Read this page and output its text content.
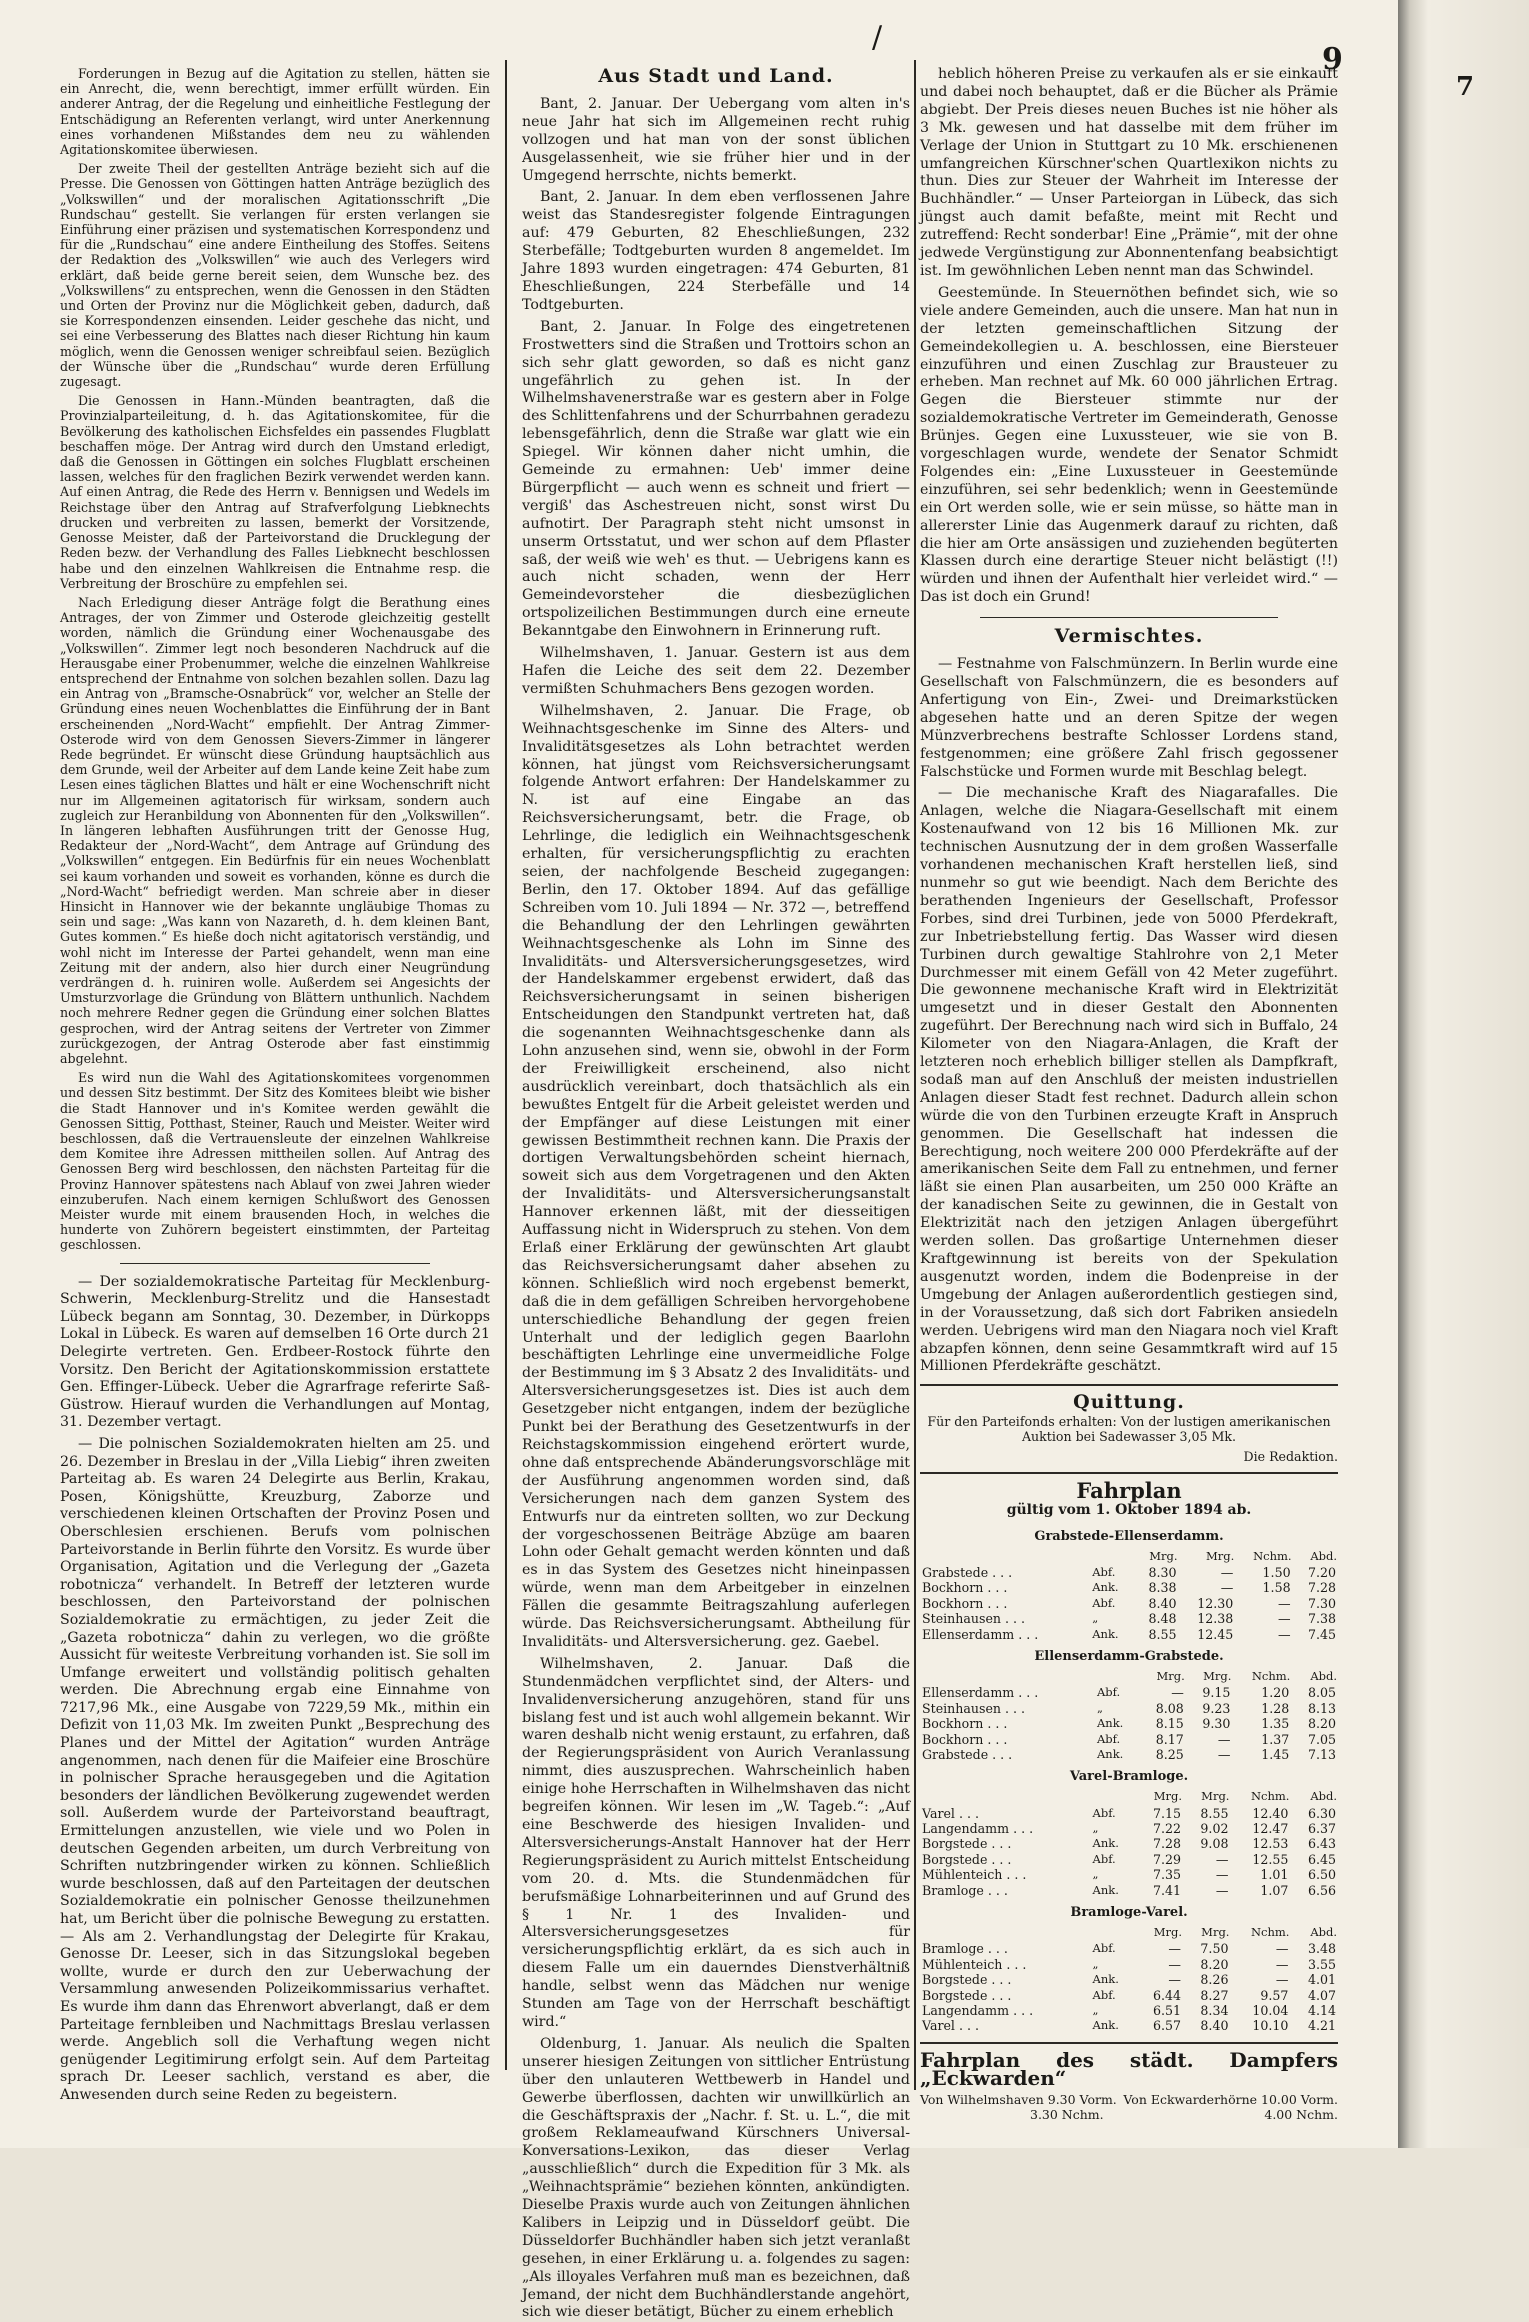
/
9
7

Forderungen in Bezug auf die Agitation zu stellen, hätten sie ein Anrecht, die, wenn berechtigt, immer erfüllt würden. Ein anderer Antrag, der die Regelung und einheitliche Festlegung der Entschädigung an Referenten verlangt, wird unter Anerkennung eines vorhandenen Mißstandes dem neu zu wählenden Agitationskomitee überwiesen.

Der zweite Theil der gestellten Anträge bezieht sich auf die Presse. Die Genossen von Göttingen hatten Anträge bezüglich des „Volkswillen“ und der moralischen Agitationsschrift „Die Rundschau“ gestellt. Sie verlangen für ersten verlangen sie Einführung einer präzisen und systematischen Korrespondenz und für die „Rundschau“ eine andere Eintheilung des Stoffes. Seitens der Redaktion des „Volkswillen“ wie auch des Verlegers wird erklärt, daß beide gerne bereit seien, dem Wunsche bez. des „Volkswillens“ zu entsprechen, wenn die Genossen in den Städten und Orten der Provinz nur die Möglichkeit geben, dadurch, daß sie Korrespondenzen einsenden. Leider geschehe das nicht, und sei eine Verbesserung des Blattes nach dieser Richtung hin kaum möglich, wenn die Genossen weniger schreibfaul seien. Bezüglich der Wünsche über die „Rundschau“ wurde deren Erfüllung zugesagt.

Die Genossen in Hann.-Münden beantragten, daß die Provinzialparteileitung, d. h. das Agitationskomitee, für die Bevölkerung des katholischen Eichsfeldes ein passendes Flugblatt beschaffen möge. Der Antrag wird durch den Umstand erledigt, daß die Genossen in Göttingen ein solches Flugblatt erscheinen lassen, welches für den fraglichen Bezirk verwendet werden kann. Auf einen Antrag, die Rede des Herrn v. Bennigsen und Wedels im Reichstage über den Antrag auf Strafverfolgung Liebknechts drucken und verbreiten zu lassen, bemerkt der Vorsitzende, Genosse Meister, daß der Parteivorstand die Drucklegung der Reden bezw. der Verhandlung des Falles Liebknecht beschlossen habe und den einzelnen Wahlkreisen die Entnahme resp. die Verbreitung der Broschüre zu empfehlen sei.

Nach Erledigung dieser Anträge folgt die Berathung eines Antrages, der von Zimmer und Osterode gleichzeitig gestellt worden, nämlich die Gründung einer Wochenausgabe des „Volkswillen“. Zimmer legt noch besonderen Nachdruck auf die Herausgabe einer Probenummer, welche die einzelnen Wahlkreise entsprechend der Entnahme von solchen bezahlen sollen. Dazu lag ein Antrag von „Bramsche-Osnabrück“ vor, welcher an Stelle der Gründung eines neuen Wochenblattes die Einführung der in Bant erscheinenden „Nord-Wacht“ empfiehlt. Der Antrag Zimmer-Osterode wird von dem Genossen Sievers-Zimmer in längerer Rede begründet. Er wünscht diese Gründung hauptsächlich aus dem Grunde, weil der Arbeiter auf dem Lande keine Zeit habe zum Lesen eines täglichen Blattes und hält er eine Wochenschrift nicht nur im Allgemeinen agitatorisch für wirksam, sondern auch zugleich zur Heranbildung von Abonnenten für den „Volkswillen“. In längeren lebhaften Ausführungen tritt der Genosse Hug, Redakteur der „Nord-Wacht“, dem Antrage auf Gründung des „Volkswillen“ entgegen. Ein Bedürfnis für ein neues Wochenblatt sei kaum vorhanden und soweit es vorhanden, könne es durch die „Nord-Wacht“ befriedigt werden. Man schreie aber in dieser Hinsicht in Hannover wie der bekannte ungläubige Thomas zu sein und sage: „Was kann von Nazareth, d. h. dem kleinen Bant, Gutes kommen.“ Es hieße doch nicht agitatorisch verständig, und wohl nicht im Interesse der Partei gehandelt, wenn man eine Zeitung mit der andern, also hier durch einer Neugründung verdrängen d. h. ruiniren wolle. Außerdem sei Angesichts der Umsturzvorlage die Gründung von Blättern unthunlich. Nachdem noch mehrere Redner gegen die Gründung einer solchen Blattes gesprochen, wird der Antrag seitens der Vertreter von Zimmer zurückgezogen, der Antrag Osterode aber fast einstimmig abgelehnt.

Es wird nun die Wahl des Agitationskomitees vorgenommen und dessen Sitz bestimmt. Der Sitz des Komitees bleibt wie bisher die Stadt Hannover und in's Komitee werden gewählt die Genossen Sittig, Potthast, Steiner, Rauch und Meister. Weiter wird beschlossen, daß die Vertrauensleute der einzelnen Wahlkreise dem Komitee ihre Adressen mittheilen sollen. Auf Antrag des Genossen Berg wird beschlossen, den nächsten Parteitag für die Provinz Hannover spätestens nach Ablauf von zwei Jahren wieder einzuberufen. Nach einem kernigen Schlußwort des Genossen Meister wurde mit einem brausenden Hoch, in welches die hunderte von Zuhörern begeistert einstimmten, der Parteitag geschlossen.

— Der sozialdemokratische Parteitag für Mecklenburg-Schwerin, Mecklenburg-Strelitz und die Hansestadt Lübeck begann am Sonntag, 30. Dezember, in Dürkopps Lokal in Lübeck. Es waren auf demselben 16 Orte durch 21 Delegirte vertreten. Gen. Erdbeer-Rostock führte den Vorsitz. Den Bericht der Agitationskommission erstattete Gen. Effinger-Lübeck. Ueber die Agrarfrage referirte Saß-Güstrow. Hierauf wurden die Verhandlungen auf Montag, 31. Dezember vertagt.

— Die polnischen Sozialdemokraten hielten am 25. und 26. Dezember in Breslau in der „Villa Liebig“ ihren zweiten Parteitag ab. Es waren 24 Delegirte aus Berlin, Krakau, Posen, Königshütte, Kreuzburg, Zaborze und verschiedenen kleinen Ortschaften der Provinz Posen und Oberschlesien erschienen. Berufs vom polnischen Parteivorstande in Berlin führte den Vorsitz. Es wurde über Organisation, Agitation und die Verlegung der „Gazeta robotnicza“ verhandelt. In Betreff der letzteren wurde beschlossen, den Parteivorstand der polnischen Sozialdemokratie zu ermächtigen, zu jeder Zeit die „Gazeta robotnicza“ dahin zu verlegen, wo die größte Aussicht für weiteste Verbreitung vorhanden ist. Sie soll im Umfange erweitert und vollständig politisch gehalten werden. Die Abrechnung ergab eine Einnahme von 7217,96 Mk., eine Ausgabe von 7229,59 Mk., mithin ein Defizit von 11,03 Mk. Im zweiten Punkt „Besprechung des Planes und der Mittel der Agitation“ wurden Anträge angenommen, nach denen für die Maifeier eine Broschüre in polnischer Sprache herausgegeben und die Agitation besonders der ländlichen Bevölkerung zugewendet werden soll. Außerdem wurde der Parteivorstand beauftragt, Ermittelungen anzustellen, wie viele und wo Polen in deutschen Gegenden arbeiten, um durch Verbreitung von Schriften nutzbringender wirken zu können. Schließlich wurde beschlossen, daß auf den Parteitagen der deutschen Sozialdemokratie ein polnischer Genosse theilzunehmen hat, um Bericht über die polnische Bewegung zu erstatten. — Als am 2. Verhandlungstag der Delegirte für Krakau, Genosse Dr. Leeser, sich in das Sitzungslokal begeben wollte, wurde er durch den zur Ueberwachung der Versammlung anwesenden Polizeikommissarius verhaftet. Es wurde ihm dann das Ehrenwort abverlangt, daß er dem Parteitage fernbleiben und Nachmittags Breslau verlassen werde. Angeblich soll die Verhaftung wegen nicht genügender Legitimirung erfolgt sein. Auf dem Parteitag sprach Dr. Leeser sachlich, verstand es aber, die Anwesenden durch seine Reden zu begeistern.

Aus Stadt und Land.

Bant, 2. Januar. Der Uebergang vom alten in's neue Jahr hat sich im Allgemeinen recht ruhig vollzogen und hat man von der sonst üblichen Ausgelassenheit, wie sie früher hier und in der Umgegend herrschte, nichts bemerkt.

Bant, 2. Januar. In dem eben verflossenen Jahre weist das Standesregister folgende Eintragungen auf: 479 Geburten, 82 Eheschließungen, 232 Sterbefälle; Todtgeburten wurden 8 angemeldet. Im Jahre 1893 wurden eingetragen: 474 Geburten, 81 Eheschließungen, 224 Sterbefälle und 14 Todtgeburten.

Bant, 2. Januar. In Folge des eingetretenen Frostwetters sind die Straßen und Trottoirs schon an sich sehr glatt geworden, so daß es nicht ganz ungefährlich zu gehen ist. In der Wilhelmshavenerstraße war es gestern aber in Folge des Schlittenfahrens und der Schurrbahnen geradezu lebensgefährlich, denn die Straße war glatt wie ein Spiegel. Wir können daher nicht umhin, die Gemeinde zu ermahnen: Ueb' immer deine Bürgerpflicht — auch wenn es schneit und friert — vergiß' das Aschestreuen nicht, sonst wirst Du aufnotirt. Der Paragraph steht nicht umsonst in unserm Ortsstatut, und wer schon auf dem Pflaster saß, der weiß wie weh' es thut. — Uebrigens kann es auch nicht schaden, wenn der Herr Gemeindevorsteher die diesbezüglichen ortspolizeilichen Bestimmungen durch eine erneute Bekanntgabe den Einwohnern in Erinnerung ruft.

Wilhelmshaven, 1. Januar. Gestern ist aus dem Hafen die Leiche des seit dem 22. Dezember vermißten Schuhmachers Bens gezogen worden.

Wilhelmshaven, 2. Januar. Die Frage, ob Weihnachtsgeschenke im Sinne des Alters- und Invaliditätsgesetzes als Lohn betrachtet werden können, hat jüngst vom Reichsversicherungsamt folgende Antwort erfahren: Der Handelskammer zu N. ist auf eine Eingabe an das Reichsversicherungsamt, betr. die Frage, ob Lehrlinge, die lediglich ein Weihnachtsgeschenk erhalten, für versicherungspflichtig zu erachten seien, der nachfolgende Bescheid zugegangen: Berlin, den 17. Oktober 1894. Auf das gefällige Schreiben vom 10. Juli 1894 — Nr. 372 —, betreffend die Behandlung der den Lehrlingen gewährten Weihnachtsgeschenke als Lohn im Sinne des Invaliditäts- und Altersversicherungsgesetzes, wird der Handelskammer ergebenst erwidert, daß das Reichsversicherungsamt in seinen bisherigen Entscheidungen den Standpunkt vertreten hat, daß die sogenannten Weihnachtsgeschenke dann als Lohn anzusehen sind, wenn sie, obwohl in der Form der Freiwilligkeit erscheinend, also nicht ausdrücklich vereinbart, doch thatsächlich als ein bewußtes Entgelt für die Arbeit geleistet werden und der Empfänger auf diese Leistungen mit einer gewissen Bestimmtheit rechnen kann. Die Praxis der dortigen Verwaltungsbehörden scheint hiernach, soweit sich aus dem Vorgetragenen und den Akten der Invaliditäts- und Altersversicherungsanstalt Hannover erkennen läßt, mit der diesseitigen Auffassung nicht in Widerspruch zu stehen. Von dem Erlaß einer Erklärung der gewünschten Art glaubt das Reichsversicherungsamt daher absehen zu können. Schließlich wird noch ergebenst bemerkt, daß die in dem gefälligen Schreiben hervorgehobene unterschiedliche Behandlung der gegen freien Unterhalt und der lediglich gegen Baarlohn beschäftigten Lehrlinge eine unvermeidliche Folge der Bestimmung im § 3 Absatz 2 des Invaliditäts- und Altersversicherungsgesetzes ist. Dies ist auch dem Gesetzgeber nicht entgangen, indem der bezügliche Punkt bei der Berathung des Gesetzentwurfs in der Reichstagskommission eingehend erörtert wurde, ohne daß entsprechende Abänderungsvorschläge mit der Ausführung angenommen worden sind, daß Versicherungen nach dem ganzen System des Entwurfs nur da eintreten sollten, wo zur Deckung der vorgeschossenen Beiträge Abzüge am baaren Lohn oder Gehalt gemacht werden könnten und daß es in das System des Gesetzes nicht hineinpassen würde, wenn man dem Arbeitgeber in einzelnen Fällen die gesammte Beitragszahlung auferlegen würde. Das Reichsversicherungsamt. Abtheilung für Invaliditäts- und Altersversicherung. gez. Gaebel.

Wilhelmshaven, 2. Januar. Daß die Stundenmädchen verpflichtet sind, der Alters- und Invalidenversicherung anzugehören, stand für uns bislang fest und ist auch wohl allgemein bekannt. Wir waren deshalb nicht wenig erstaunt, zu erfahren, daß der Regierungspräsident von Aurich Veranlassung nimmt, dies auszusprechen. Wahrscheinlich haben einige hohe Herrschaften in Wilhelmshaven das nicht begreifen können. Wir lesen im „W. Tageb.“: „Auf eine Beschwerde des hiesigen Invaliden- und Altersversicherungs-Anstalt Hannover hat der Herr Regierungspräsident zu Aurich mittelst Entscheidung vom 20. d. Mts. die Stundenmädchen für berufsmäßige Lohnarbeiterinnen und auf Grund des § 1 Nr. 1 des Invaliden- und Altersversicherungsgesetzes für versicherungspflichtig erklärt, da es sich auch in diesem Falle um ein dauerndes Dienstverhältniß handle, selbst wenn das Mädchen nur wenige Stunden am Tage von der Herrschaft beschäftigt wird.“

Oldenburg, 1. Januar. Als neulich die Spalten unserer hiesigen Zeitungen von sittlicher Entrüstung über den unlauteren Wettbewerb in Handel und Gewerbe überflossen, dachten wir unwillkürlich an die Geschäftspraxis der „Nachr. f. St. u. L.“, die mit großem Reklameaufwand Kürschners Universal-Konversations-Lexikon, das dieser Verlag „ausschließlich“ durch die Expedition für 3 Mk. als „Weihnachtsprämie“ beziehen könnten, ankündigten. Dieselbe Praxis wurde auch von Zeitungen ähnlichen Kalibers in Leipzig und in Düsseldorf geübt. Die Düsseldorfer Buchhändler haben sich jetzt veranlaßt gesehen, in einer Erklärung u. a. folgendes zu sagen: „Als illoyales Verfahren muß man es bezeichnen, daß Jemand, der nicht dem Buchhändlerstande angehört, sich wie dieser betätigt, Bücher zu einem erheblich

heblich höheren Preise zu verkaufen als er sie einkauft und dabei noch behauptet, daß er die Bücher als Prämie abgiebt. Der Preis dieses neuen Buches ist nie höher als 3 Mk. gewesen und hat dasselbe mit dem früher im Verlage der Union in Stuttgart zu 10 Mk. erschienenen umfangreichen Kürschner'schen Quartlexikon nichts zu thun. Dies zur Steuer der Wahrheit im Interesse der Buchhändler.“ — Unser Parteiorgan in Lübeck, das sich jüngst auch damit befaßte, meint mit Recht und zutreffend: Recht sonderbar! Eine „Prämie“, mit der ohne jedwede Vergünstigung zur Abonnentenfang beabsichtigt ist. Im gewöhnlichen Leben nennt man das Schwindel.

Geestemünde. In Steuernöthen befindet sich, wie so viele andere Gemeinden, auch die unsere. Man hat nun in der letzten gemeinschaftlichen Sitzung der Gemeindekollegien u. A. beschlossen, eine Biersteuer einzuführen und einen Zuschlag zur Brausteuer zu erheben. Man rechnet auf Mk. 60 000 jährlichen Ertrag. Gegen die Biersteuer stimmte nur der sozialdemokratische Vertreter im Gemeinderath, Genosse Brünjes. Gegen eine Luxussteuer, wie sie von B. vorgeschlagen wurde, wendete der Senator Schmidt Folgendes ein: „Eine Luxussteuer in Geestemünde einzuführen, sei sehr bedenklich; wenn in Geestemünde ein Ort werden solle, wie er sein müsse, so hätte man in allererster Linie das Augenmerk darauf zu richten, daß die hier am Orte ansässigen und zuziehenden begüterten Klassen durch eine derartige Steuer nicht belästigt (!!) würden und ihnen der Aufenthalt hier verleidet wird.“ — Das ist doch ein Grund!

Vermischtes.

— Festnahme von Falschmünzern. In Berlin wurde eine Gesellschaft von Falschmünzern, die es besonders auf Anfertigung von Ein-, Zwei- und Dreimarkstücken abgesehen hatte und an deren Spitze der wegen Münzverbrechens bestrafte Schlosser Lordens stand, festgenommen; eine größere Zahl frisch gegossener Falschstücke und Formen wurde mit Beschlag belegt.

— Die mechanische Kraft des Niagarafalles. Die Anlagen, welche die Niagara-Gesellschaft mit einem Kostenaufwand von 12 bis 16 Millionen Mk. zur technischen Ausnutzung der in dem großen Wasserfalle vorhandenen mechanischen Kraft herstellen ließ, sind nunmehr so gut wie beendigt. Nach dem Berichte des berathenden Ingenieurs der Gesellschaft, Professor Forbes, sind drei Turbinen, jede von 5000 Pferdekraft, zur Inbetriebstellung fertig. Das Wasser wird diesen Turbinen durch gewaltige Stahlrohre von 2,1 Meter Durchmesser mit einem Gefäll von 42 Meter zugeführt. Die gewonnene mechanische Kraft wird in Elektrizität umgesetzt und in dieser Gestalt den Abonnenten zugeführt. Der Berechnung nach wird sich in Buffalo, 24 Kilometer von den Niagara-Anlagen, die Kraft der letzteren noch erheblich billiger stellen als Dampfkraft, sodaß man auf den Anschluß der meisten industriellen Anlagen dieser Stadt fest rechnet. Dadurch allein schon würde die von den Turbinen erzeugte Kraft in Anspruch genommen. Die Gesellschaft hat indessen die Berechtigung, noch weitere 200 000 Pferdekräfte auf der amerikanischen Seite dem Fall zu entnehmen, und ferner läßt sie einen Plan ausarbeiten, um 250 000 Kräfte an der kanadischen Seite zu gewinnen, die in Gestalt von Elektrizität nach den jetzigen Anlagen übergeführt werden sollen. Das großartige Unternehmen dieser Kraftgewinnung ist bereits von der Spekulation ausgenutzt worden, indem die Bodenpreise in der Umgebung der Anlagen außerordentlich gestiegen sind, in der Voraussetzung, daß sich dort Fabriken ansiedeln werden. Uebrigens wird man den Niagara noch viel Kraft abzapfen können, denn seine Gesammtkraft wird auf 15 Millionen Pferdekräfte geschätzt.

Quittung.

Für den Parteifonds erhalten: Von der lustigen amerikanischen Auktion bei Sadewasser 3,05 Mk.

Die Redaktion.

Fahrplan

gültig vom 1. Oktober 1894 ab.

Grabstede-Ellenserdamm.
		Mrg.	Mrg.	Nchm.	Abd.
Grabstede . . .	Abf.	8.30	—	1.50	7.20
Bockhorn . . .	Ank.	8.38	—	1.58	7.28
Bockhorn . . .	Abf.	8.40	12.30	—	7.30
Steinhausen . . .	„	8.48	12.38	—	7.38
Ellenserdamm . . .	Ank.	8.55	12.45	—	7.45
Ellenserdamm-Grabstede.
		Mrg.	Mrg.	Nchm.	Abd.
Ellenserdamm . . .	Abf.	—	9.15	1.20	8.05
Steinhausen . . .	„	8.08	9.23	1.28	8.13
Bockhorn . . .	Ank.	8.15	9.30	1.35	8.20
Bockhorn . . .	Abf.	8.17	—	1.37	7.05
Grabstede . . .	Ank.	8.25	—	1.45	7.13
Varel-Bramloge.
		Mrg.	Mrg.	Nchm.	Abd.
Varel . . .	Abf.	7.15	8.55	12.40	6.30
Langendamm . . .	„	7.22	9.02	12.47	6.37
Borgstede . . .	Ank.	7.28	9.08	12.53	6.43
Borgstede . . .	Abf.	7.29	—	12.55	6.45
Mühlenteich . . .	„	7.35	—	1.01	6.50
Bramloge . . .	Ank.	7.41	—	1.07	6.56
Bramloge-Varel.
		Mrg.	Mrg.	Nchm.	Abd.
Bramloge . . .	Abf.	—	7.50	—	3.48
Mühlenteich . . .	„	—	8.20	—	3.55
Borgstede . . .	Ank.	—	8.26	—	4.01
Borgstede . . .	Abf.	6.44	8.27	9.57	4.07
Langendamm . . .	„	6.51	8.34	10.04	4.14
Varel . . .	Ank.	6.57	8.40	10.10	4.21
Fahrplan des städt. Dampfers „Eckwarden“
Von Wilhelmshaven 9.30 Vorm. Von Eckwarderhörne 10.00 Vorm.
3.30 Nchm.	4.00 Nchm.
